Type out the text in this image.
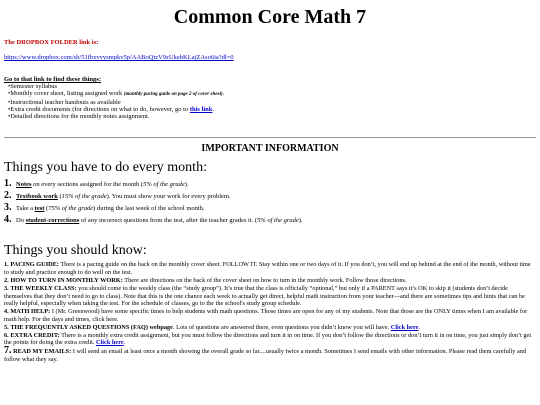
Common Core Math 7
The DROPBOX FOLDER link is:
https://www.dropbox.com/sh/51fbxvvysmpkv5p/AABoQtzV9zUkebKLajZAso6ia?dl=0
Go to that link to find these things:
• Semester syllabus
• Monthly cover sheet, listing assigned work (monthly pacing guide on page 2 of cover sheet).
• Instructional teacher handouts as available
• Extra credit documents (for directions on what to do, however, go to this link.
• Detailed directions for the monthly notes assignment.
IMPORTANT INFORMATION
Things you have to do every month:
1. Notes on every sections assigned for the month (5% of the grade).
2. Textbook work (15% of the grade). You must show your work for every problem.
3. Take a test (75% of the grade) during the last week of the school month.
4. Do student-corrections of any incorrect questions from the test, after the teacher grades it. (5% of the grade).
Things you should know:
1. PACING GUIDE: There is a pacing guide on the back on the monthly cover sheet. FOLLOW IT. Stay within one or two days of it. If you don’t, you will end up behind at the end of the month, without time to study and practice enough to do well on the test.
2. HOW TO TURN IN MONTHLY WORK: There are directions on the back of the cover sheet on how to turn in the monthly work. Follow those directions.
3. THE WEEKLY CLASS: you should come to the weekly class (the “study group”). It’s true that the class is officially “optional,” but only if a PARENT says it’s OK to skip it (students don’t decide themselves that they don’t need to go to class). Note that this is the one chance each week to actually get direct, helpful math instruction from your teacher—and there are sometimes tips and hints that can be really helpful, especially when taking the test. For the schedule of classes, go to the the school's study group schedule.
4. MATH HELP: I (Mr. Greenwood) have some specific times to help students with math questions. Those times are open for any of my students. Note that those are the ONLY times when I am available for math help. For the days and times, click here.
5. THE FREQUENTLY ASKED QUESTIONS (FAQ) webpage. Lots of questions are answered there, even questions you didn’t know you will have. Click here.
6. EXTRA CREDIT: There is a monthly extra credit assignment, but you must follow the directions and turn it in on time. If you don’t follow the directions or don’t turn it in on time, you just simply don’t get the points for doing the extra credit. Click here.
7. READ MY EMAILS: I will send an email at least once a month showing the overall grade so far....usually twice a month. Sometimes I send emails with other information. Please read them carefully and follow what they say.
